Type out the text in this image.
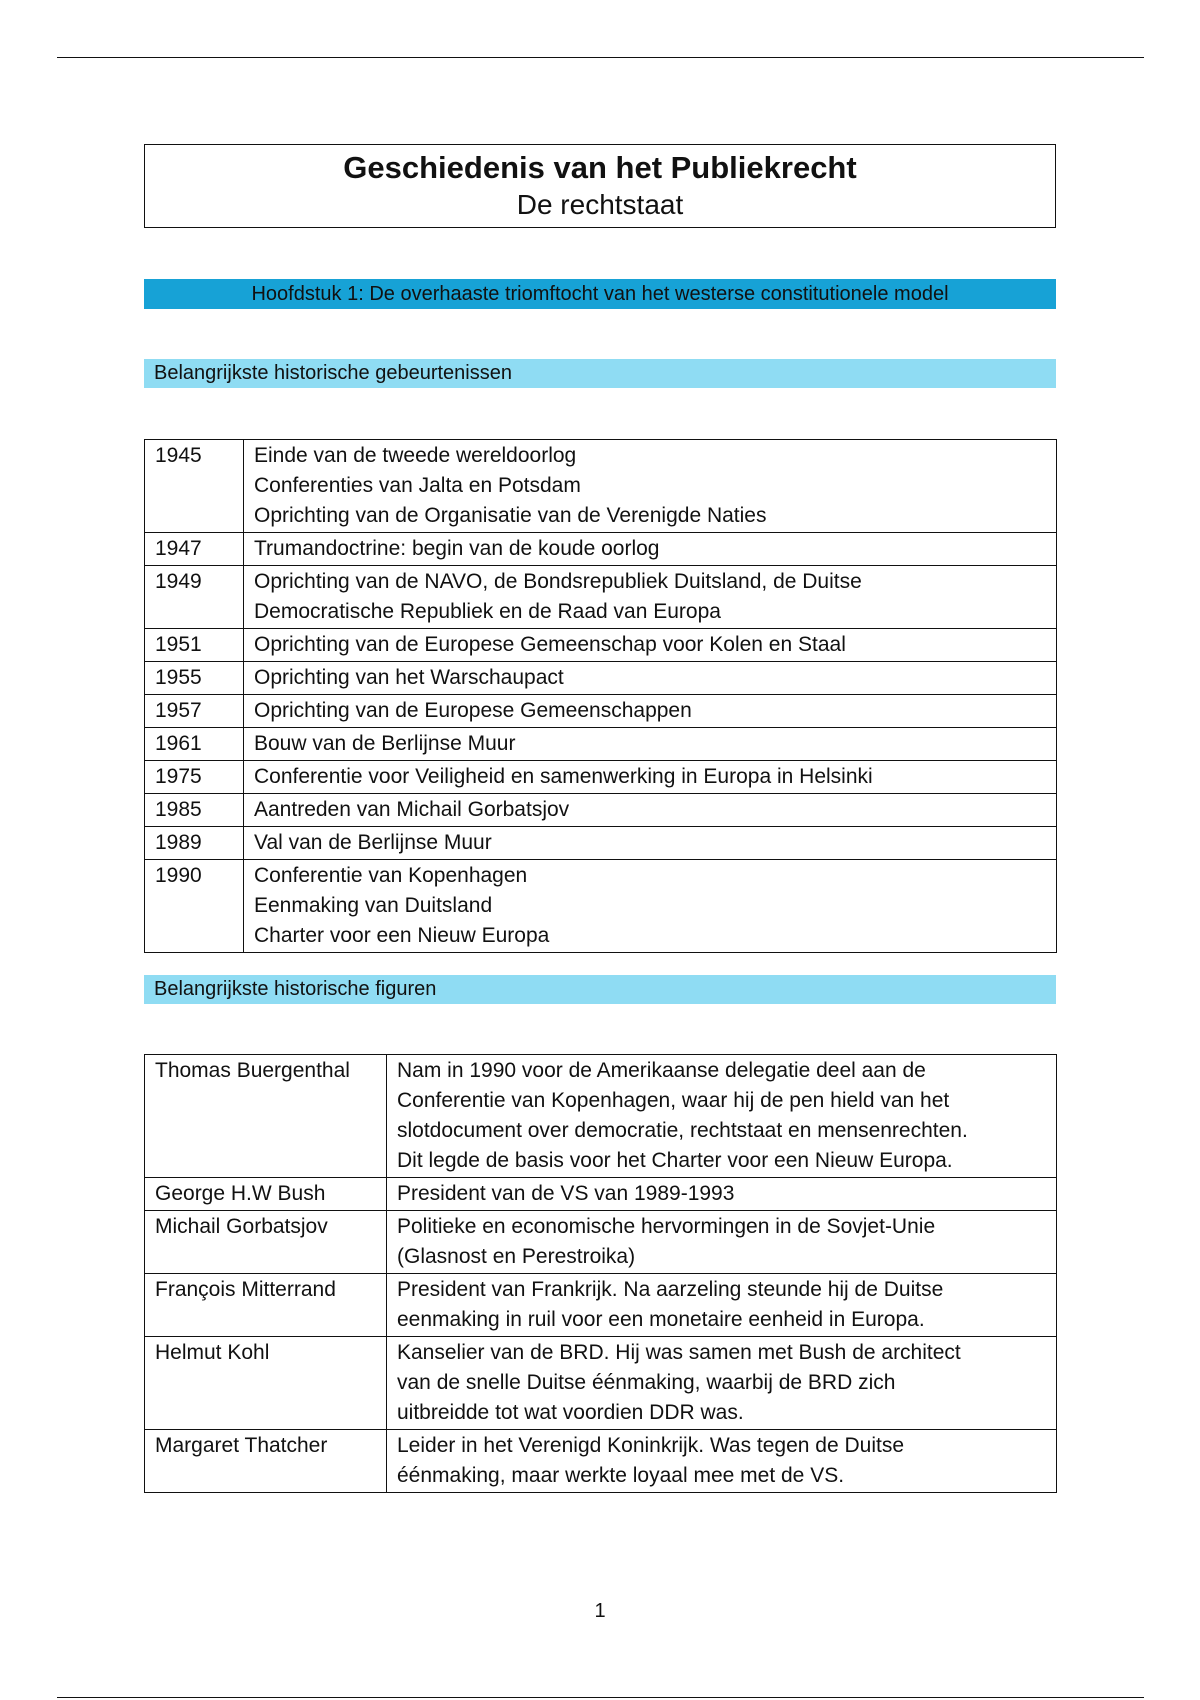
Geschiedenis van het Publiekrecht
De rechtstaat
Hoofdstuk 1: De overhaaste triomftocht van het westerse constitutionele model
Belangrijkste historische gebeurtenissen
1945	Einde van de tweede wereldoorlog
Conferenties van Jalta en Potsdam
Oprichting van de Organisatie van de Verenigde Naties

1947	Trumandoctrine: begin van de koude oorlog

1949	Oprichting van de NAVO, de Bondsrepubliek Duitsland, de Duitse
Democratische Republiek en de Raad van Europa

1951	Oprichting van de Europese Gemeenschap voor Kolen en Staal

1955	Oprichting van het Warschaupact

1957	Oprichting van de Europese Gemeenschappen

1961	Bouw van de Berlijnse Muur

1975	Conferentie voor Veiligheid en samenwerking in Europa in Helsinki

1985	Aantreden van Michail Gorbatsjov

1989	Val van de Berlijnse Muur

1990	Conferentie van Kopenhagen
Eenmaking van Duitsland
Charter voor een Nieuw Europa
Belangrijkste historische figuren
Thomas Buergenthal	Nam in 1990 voor de Amerikaanse delegatie deel aan de
Conferentie van Kopenhagen, waar hij de pen hield van het
slotdocument over democratie, rechtstaat en mensenrechten.
Dit legde de basis voor het Charter voor een Nieuw Europa.

George H.W Bush	President van de VS van 1989-1993

Michail Gorbatsjov	Politieke en economische hervormingen in de Sovjet-Unie
(Glasnost en Perestroika)

François Mitterrand	President van Frankrijk. Na aarzeling steunde hij de Duitse
eenmaking in ruil voor een monetaire eenheid in Europa.

Helmut Kohl	Kanselier van de BRD. Hij was samen met Bush de architect
van de snelle Duitse éénmaking, waarbij de BRD zich
uitbreidde tot wat voordien DDR was.

Margaret Thatcher	Leider in het Verenigd Koninkrijk. Was tegen de Duitse
éénmaking, maar werkte loyaal mee met de VS.
1
